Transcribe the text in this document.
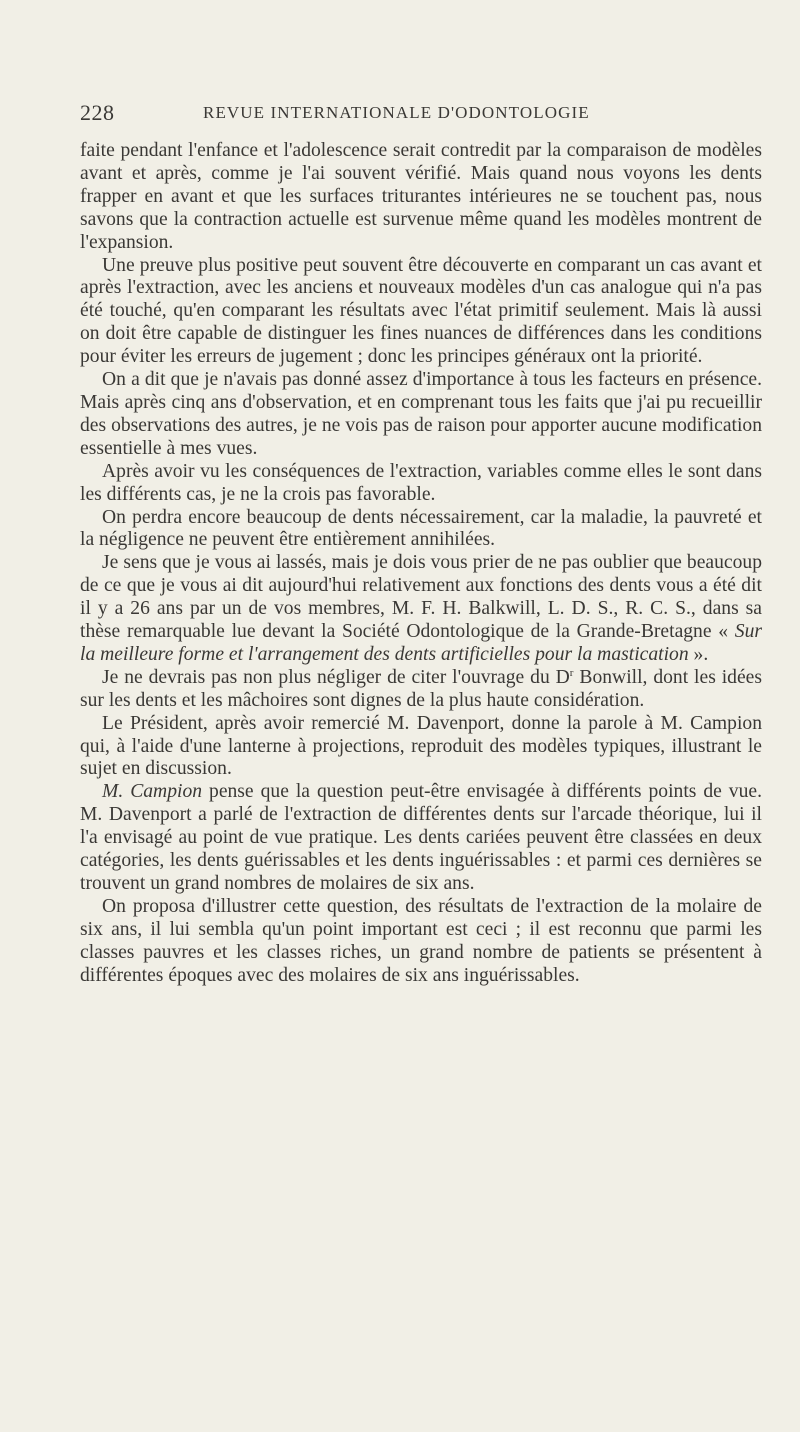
228	REVUE INTERNATIONALE D'ODONTOLOGIE

faite pendant l'enfance et l'adolescence serait contredit par la comparaison de modèles avant et après, comme je l'ai souvent vérifié. Mais quand nous voyons les dents frapper en avant et que les surfaces triturantes intérieures ne se touchent pas, nous savons que la contraction actuelle est survenue même quand les modèles montrent de l'expansion.

Une preuve plus positive peut souvent être découverte en comparant un cas avant et après l'extraction, avec les anciens et nouveaux modèles d'un cas analogue qui n'a pas été touché, qu'en comparant les résultats avec l'état primitif seulement. Mais là aussi on doit être capable de distinguer les fines nuances de différences dans les conditions pour éviter les erreurs de jugement ; donc les principes généraux ont la priorité.

On a dit que je n'avais pas donné assez d'importance à tous les facteurs en présence. Mais après cinq ans d'observation, et en comprenant tous les faits que j'ai pu recueillir des observations des autres, je ne vois pas de raison pour apporter aucune modification essentielle à mes vues.

Après avoir vu les conséquences de l'extraction, variables comme elles le sont dans les différents cas, je ne la crois pas favorable.

On perdra encore beaucoup de dents nécessairement, car la maladie, la pauvreté et la négligence ne peuvent être entièrement annihilées.

Je sens que je vous ai lassés, mais je dois vous prier de ne pas oublier que beaucoup de ce que je vous ai dit aujourd'hui relativement aux fonctions des dents vous a été dit il y a 26 ans par un de vos membres, M. F. H. Balkwill, L. D. S., R. C. S., dans sa thèse remarquable lue devant la Société Odontologique de la Grande-Bretagne « Sur la meilleure forme et l'arrangement des dents artificielles pour la mastication ».

Je ne devrais pas non plus négliger de citer l'ouvrage du $D^r$ Bonwill, dont les idées sur les dents et les mâchoires sont dignes de la plus haute considération.

Le Président, après avoir remercié M. Davenport, donne la parole à M. Campion qui, à l'aide d'une lanterne à projections, reproduit des modèles typiques, illustrant le sujet en discussion.

M. Campion pense que la question peut-être envisagée à différents points de vue. M. Davenport a parlé de l'extraction de différentes dents sur l'arcade théorique, lui il l'a envisagé au point de vue pratique. Les dents cariées peuvent être classées en deux catégories, les dents guérissables et les dents inguérissables : et parmi ces dernières se trouvent un grand nombres de molaires de six ans.

On proposa d'illustrer cette question, des résultats de l'extraction de la molaire de six ans, il lui sembla qu'un point important est ceci ; il est reconnu que parmi les classes pauvres et les classes riches, un grand nombre de patients se présentent à différentes époques avec des molaires de six ans inguérissables.
